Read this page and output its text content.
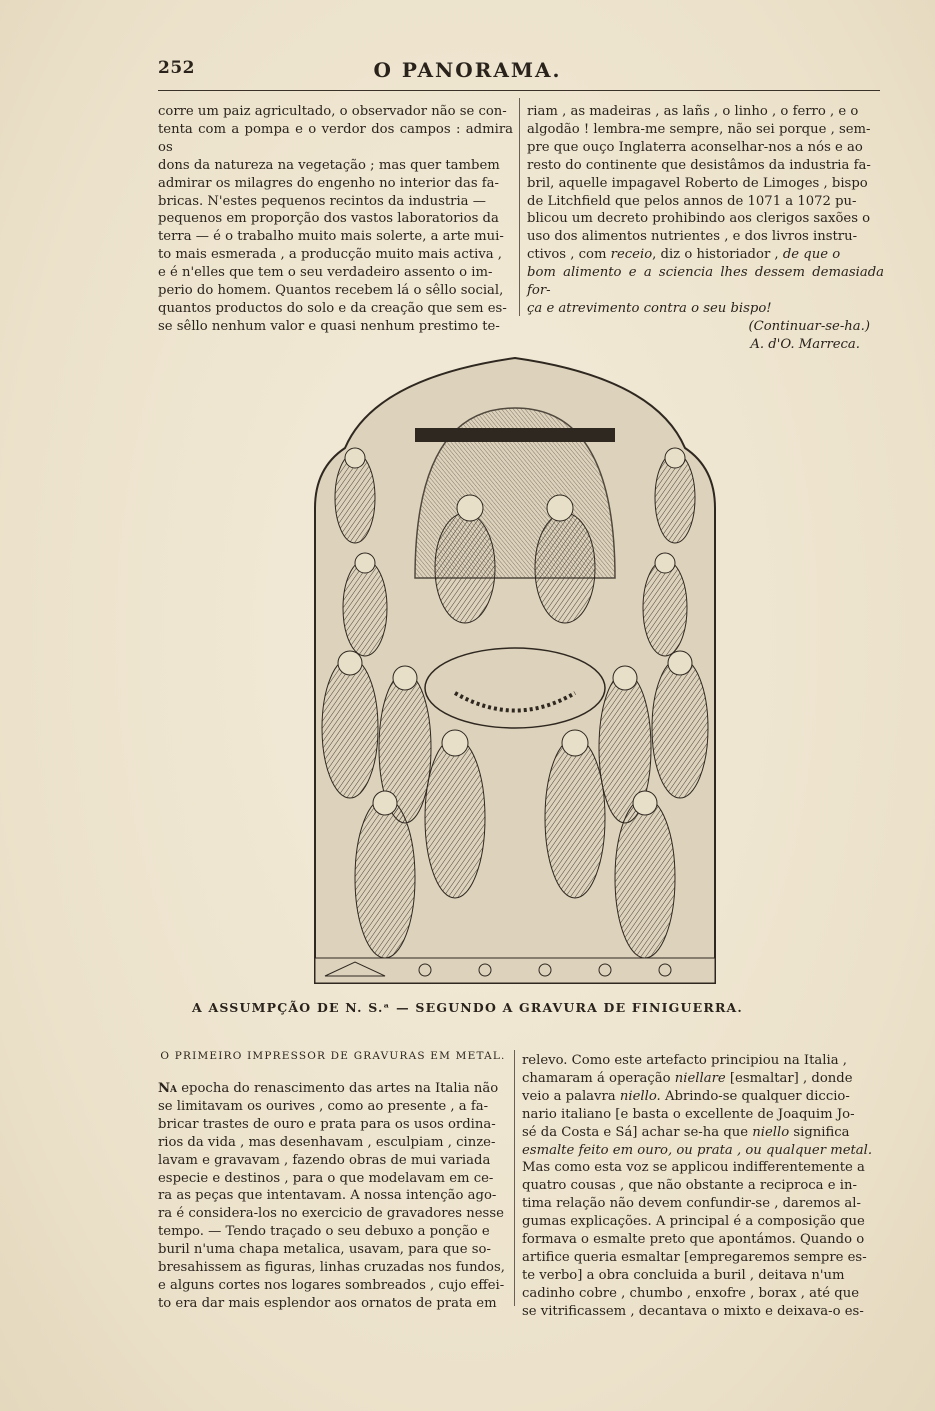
252	O PANORAMA.
corre um paiz agricultado, o observador não se con-
tenta com a pompa e o verdor dos campos : admira os
dons da natureza na vegetação ; mas quer tambem
admirar os milagres do engenho no interior das fa-
bricas. N'estes pequenos recintos da industria —
pequenos em proporção dos vastos laboratorios da
terra — é o trabalho muito mais solerte, a arte mui-
to mais esmerada , a producção muito mais activa ,
e é n'elles que tem o seu verdadeiro assento o im-
perio do homem. Quantos recebem lá o sêllo social,
quantos productos do solo e da creação que sem es-
se sêllo nenhum valor e quasi nenhum prestimo te-
riam , as madeiras , as lañs , o linho , o ferro , e o
algodão ! lembra-me sempre, não sei porque , sem-
pre que ouço Inglaterra aconselhar-nos a nós e ao
resto do continente que desistâmos da industria fa-
bril, aquelle impagavel Roberto de Limoges , bispo
de Litchfield que pelos annos de 1071 a 1072 pu-
blicou um decreto prohibindo aos clerigos saxões o
uso dos alimentos nutrientes , e dos livros instru-
ctivos , com receio, diz o historiador , de que o
bom alimento e a sciencia lhes dessem demasiada for-
ça e atrevimento contra o seu bispo!
(Continuar-se-ha.)
A. d'O. Marreca.
A ASSUMPÇÃO DE N. S.ᵃ — SEGUNDO A GRAVURA DE FINIGUERRA.
O PRIMEIRO IMPRESSOR DE GRAVURAS EM METAL.
Na epocha do renascimento das artes na Italia não
se limitavam os ourives , como ao presente , a fa-
bricar trastes de ouro e prata para os usos ordina-
rios da vida , mas desenhavam , esculpiam , cinze-
lavam e gravavam , fazendo obras de mui variada
especie e destinos , para o que modelavam em ce-
ra as peças que intentavam. A nossa intenção ago-
ra é considera-los no exercicio de gravadores nesse
tempo. — Tendo traçado o seu debuxo a ponção e
buril n'uma chapa metalica, usavam, para que so-
bresahissem as figuras, linhas cruzadas nos fundos,
e alguns cortes nos logares sombreados , cujo effei-
to era dar mais esplendor aos ornatos de prata em
relevo. Como este artefacto principiou na Italia ,
chamaram á operação niellare [esmaltar] , donde
veio a palavra niello. Abrindo-se qualquer diccio-
nario italiano [e basta o excellente de Joaquim Jo-
sé da Costa e Sá] achar se-ha que niello significa
esmalte feito em ouro, ou prata , ou qualquer metal.
Mas como esta voz se applicou indifferentemente a
quatro cousas , que não obstante a reciproca e in-
tima relação não devem confundir-se , daremos al-
gumas explicações. A principal é a composição que
formava o esmalte preto que apontámos. Quando o
artifice queria esmaltar [empregaremos sempre es-
te verbo] a obra concluida a buril , deitava n'um
cadinho cobre , chumbo , enxofre , borax , até que
se vitrificassem , decantava o mixto e deixava-o es-
